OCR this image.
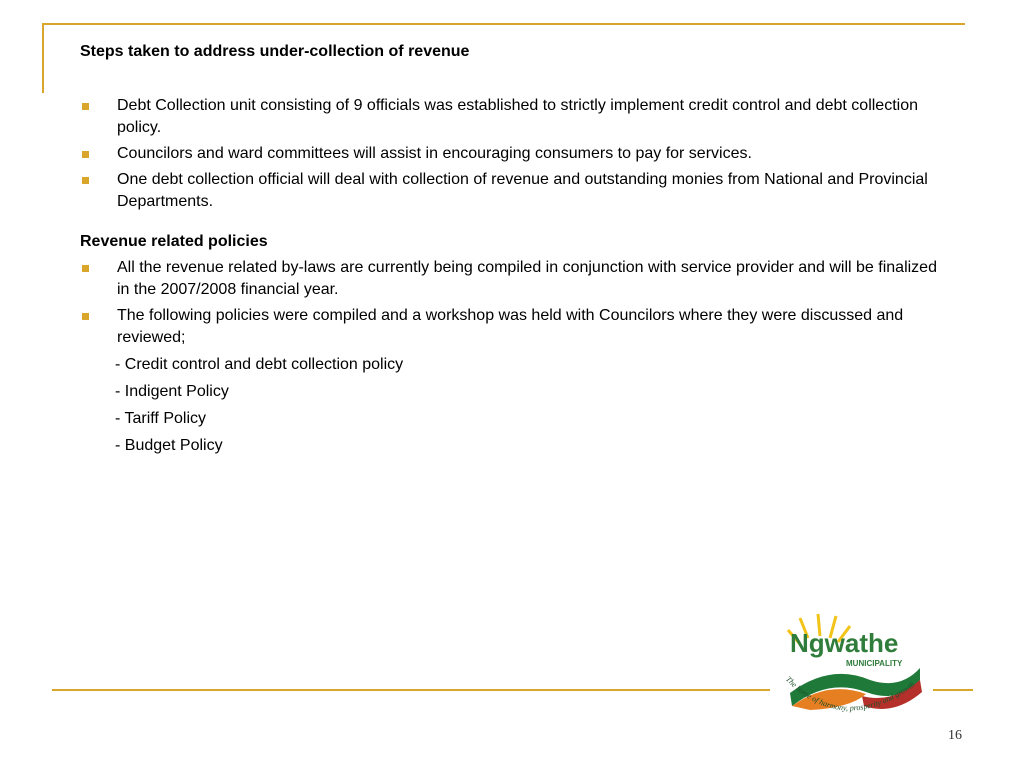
Steps taken to address under-collection of revenue

Debt Collection unit consisting of 9 officials was established to strictly implement credit control and debt collection policy.
Councilors and ward committees will assist in encouraging consumers to pay for services.
One debt collection official will deal with collection of revenue and outstanding monies from National and Provincial Departments.

Revenue related policies

All the revenue related by-laws are currently being compiled in conjunction with service provider and will be finalized in the 2007/2008 financial year.
The following policies were compiled and a workshop was held with Councilors where they were discussed and reviewed;
- Credit control and debt collection policy
- Indigent Policy
- Tariff Policy
- Budget Policy
Ngwathe
MUNICIPALITY
The home of harmony, prosperity and growth
16
